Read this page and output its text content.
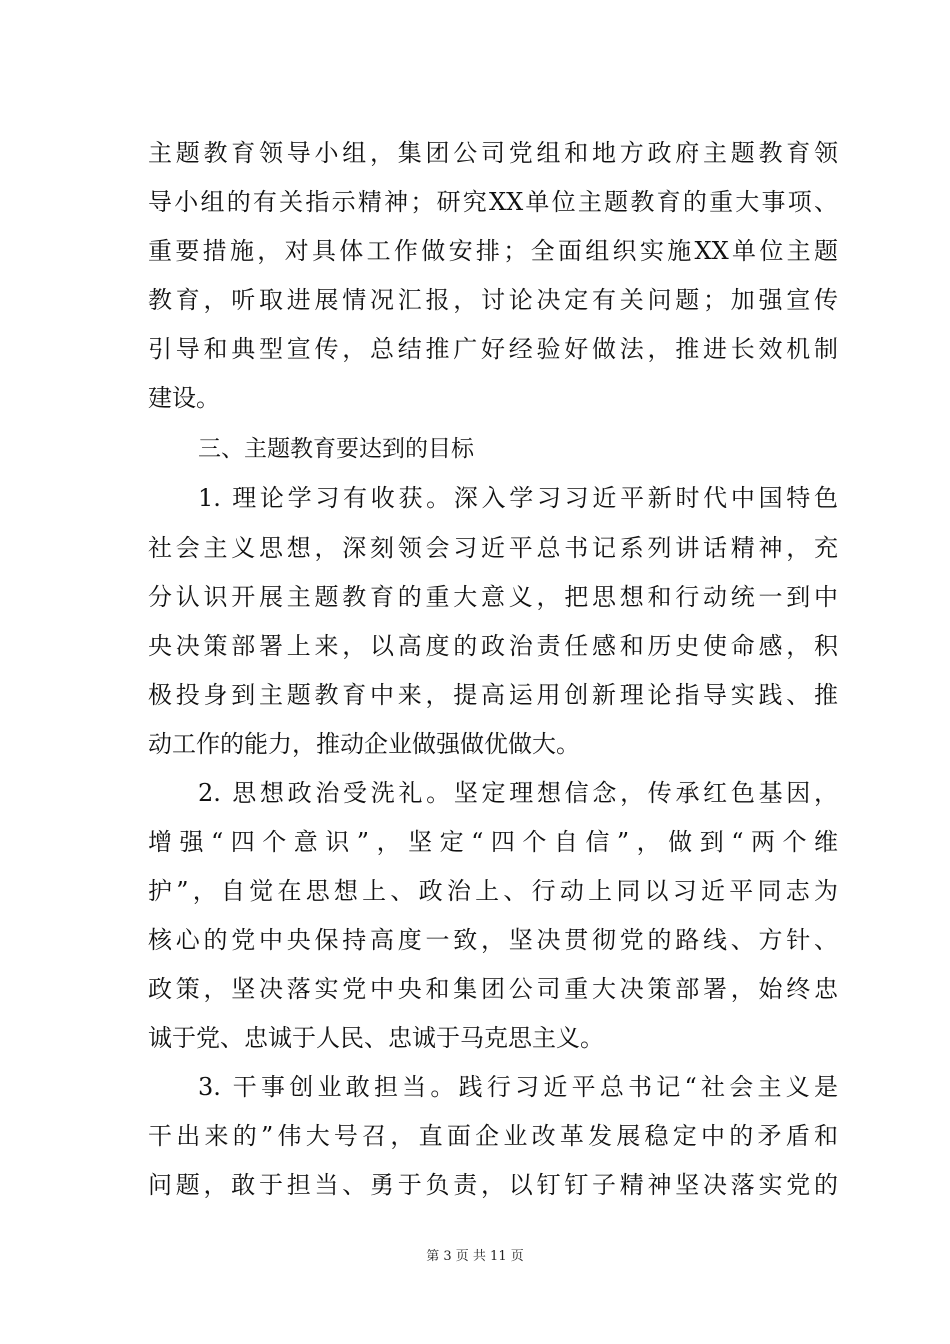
主题教育领导小组，集团公司党组和地方政府主题教育领
导小组的有关指示精神；研究XX单位主题教育的重大事项、
重要措施，对具体工作做安排；全面组织实施XX单位主题
教育，听取进展情况汇报，讨论决定有关问题；加强宣传
引导和典型宣传，总结推广好经验好做法，推进长效机制
建设。
三、主题教育要达到的目标
1. 理论学习有收获。深入学习习近平新时代中国特色
社会主义思想，深刻领会习近平总书记系列讲话精神，充
分认识开展主题教育的重大意义，把思想和行动统一到中
央决策部署上来，以高度的政治责任感和历史使命感，积
极投身到主题教育中来，提高运用创新理论指导实践、推
动工作的能力，推动企业做强做优做大。
2. 思想政治受洗礼。坚定理想信念，传承红色基因，
增强“四个意识”，坚定“四个自信”，做到“两个维
护”，自觉在思想上、政治上、行动上同以习近平同志为
核心的党中央保持高度一致，坚决贯彻党的路线、方针、
政策，坚决落实党中央和集团公司重大决策部署，始终忠
诚于党、忠诚于人民、忠诚于马克思主义。
3. 干事创业敢担当。践行习近平总书记“社会主义是
干出来的”伟大号召，直面企业改革发展稳定中的矛盾和
问题，敢于担当、勇于负责，以钉钉子精神坚决落实党的
第 3 页 共 11 页
